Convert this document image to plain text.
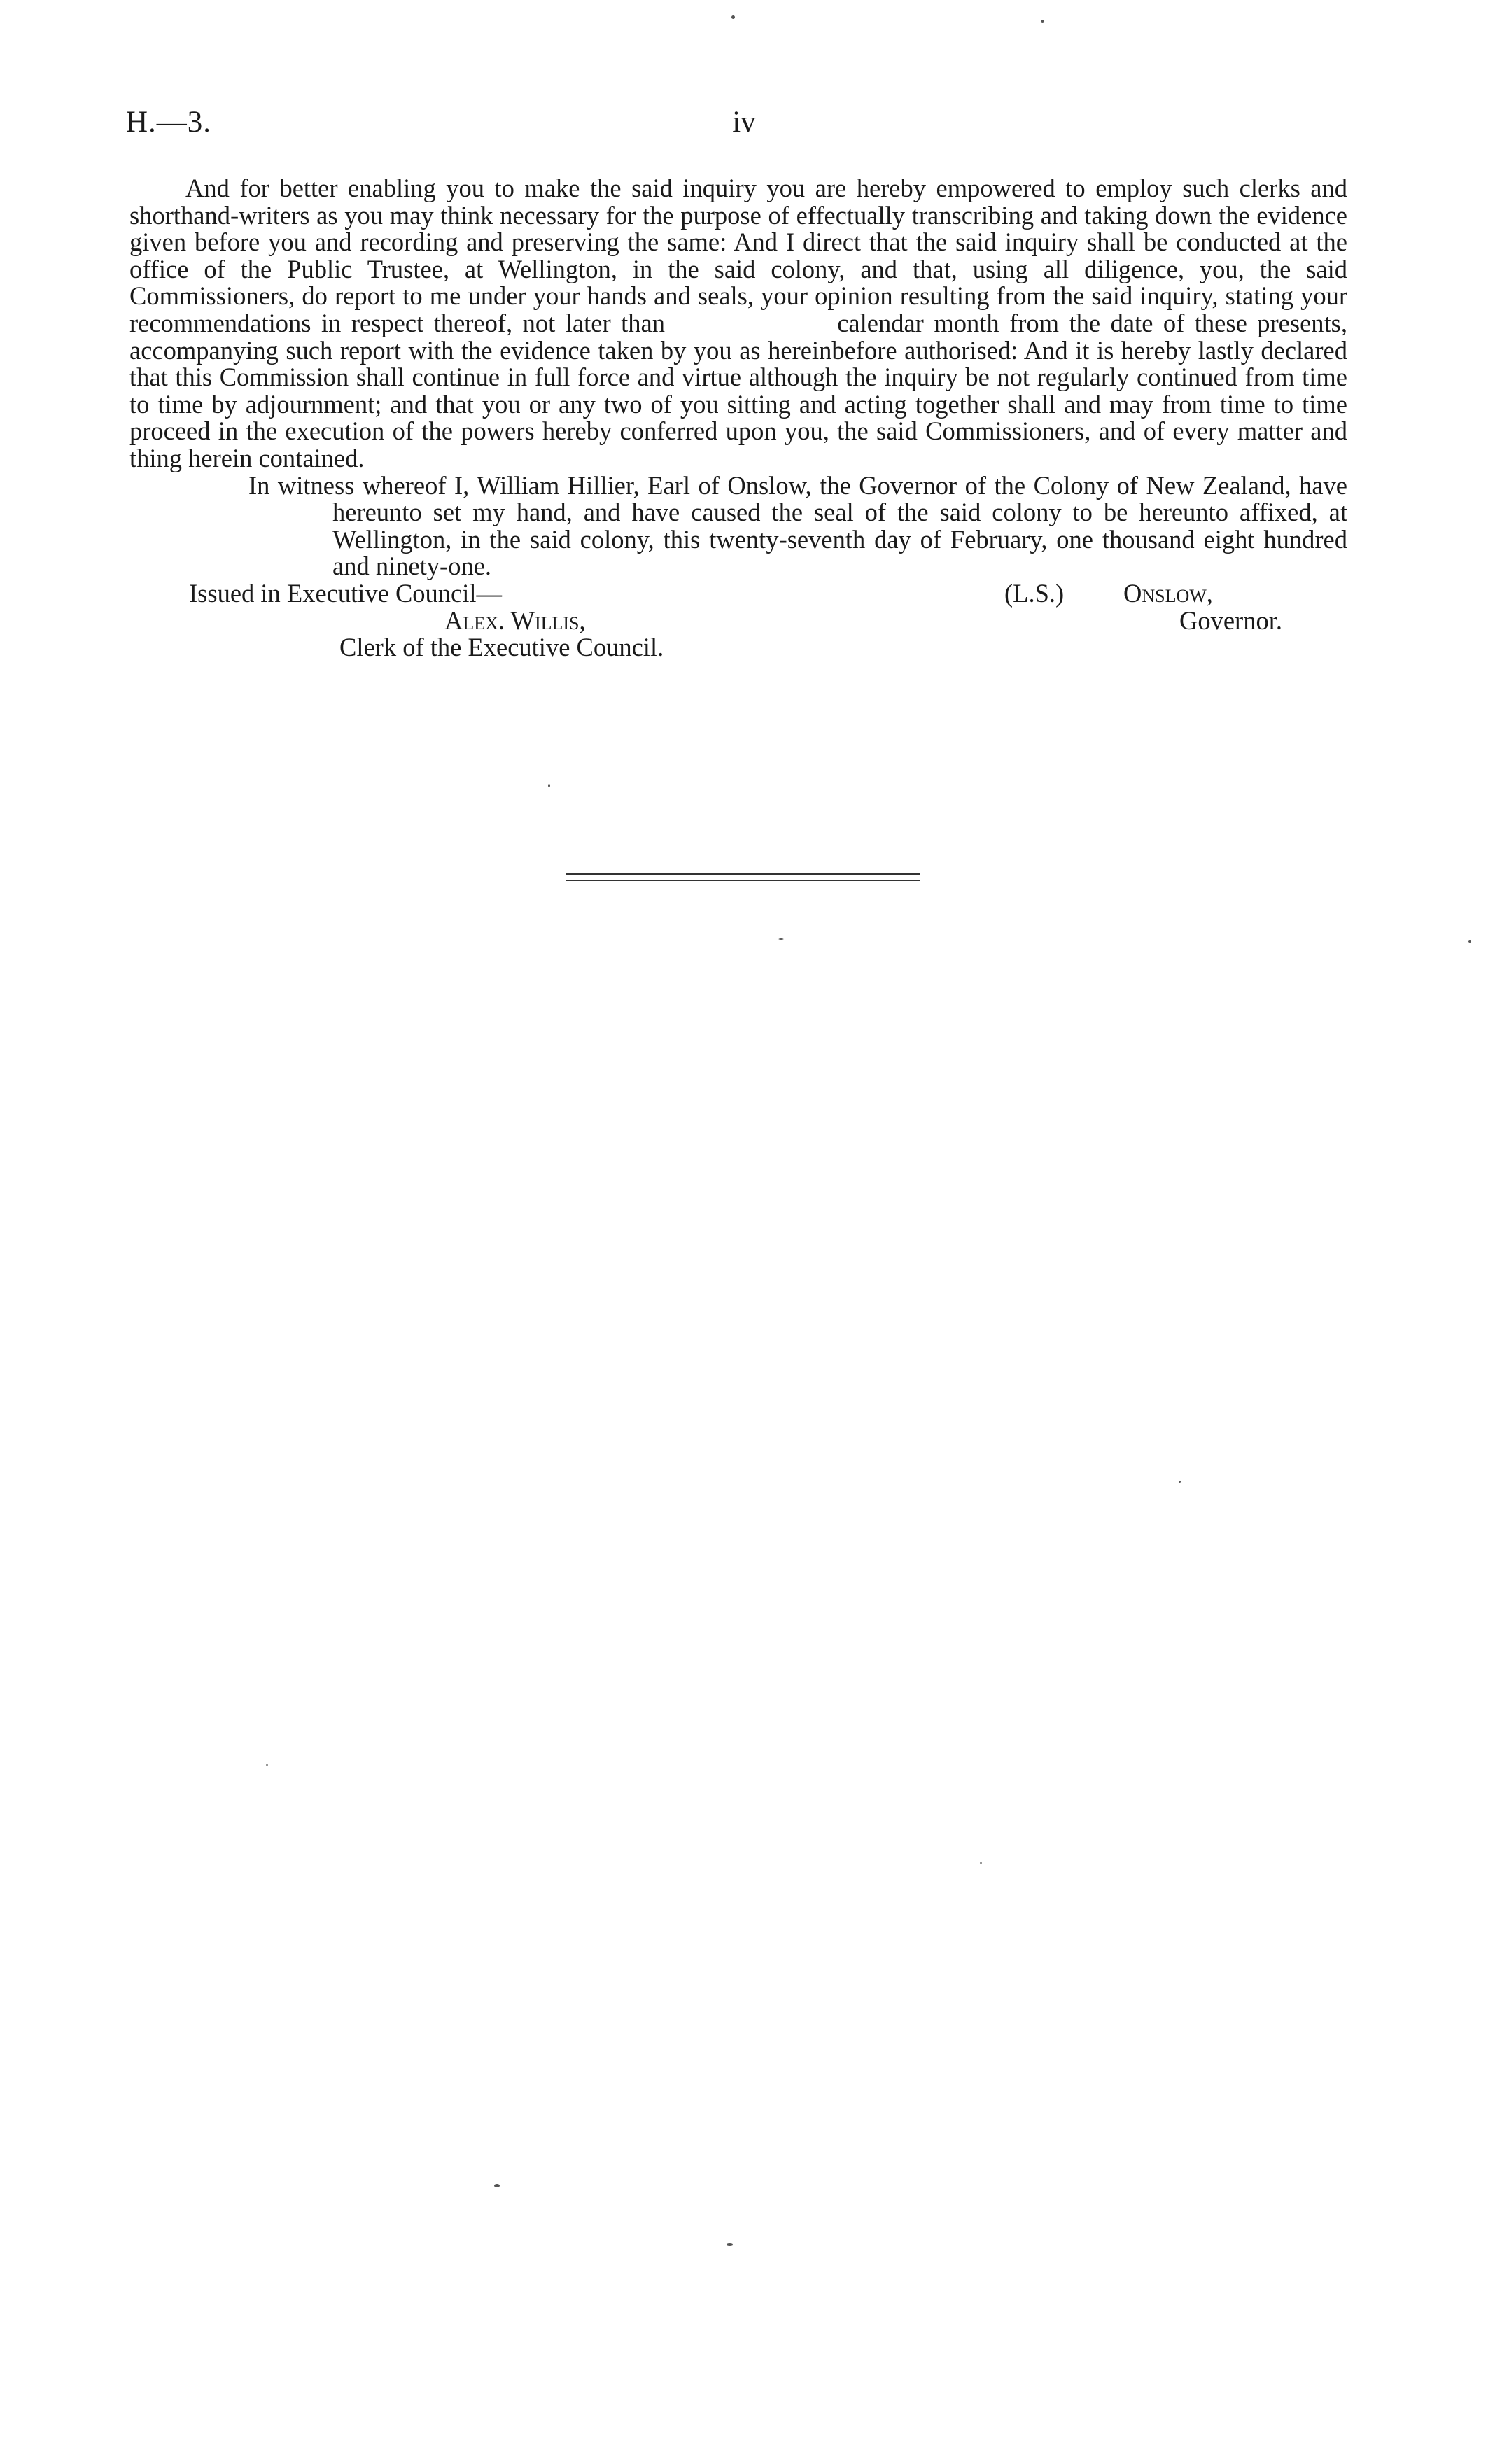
H.—3.	iv

And for better enabling you to make the said inquiry you are hereby empowered to employ such clerks and shorthand-writers as you may think necessary for the purpose of effectually transcribing and taking down the evidence given before you and recording and preserving the same: And I direct that the said inquiry shall be conducted at the office of the Public Trustee, at Wellington, in the said colony, and that, using all diligence, you, the said Commissioners, do report to me under your hands and seals, your opinion resulting from the said inquiry, stating your recommendations in respect thereof, not later than                 calendar month from the date of these presents, accompanying such report with the evidence taken by you as hereinbefore authorised: And it is hereby lastly declared that this Commission shall continue in full force and virtue although the inquiry be not regularly continued from time to time by adjournment; and that you or any two of you sitting and acting together shall and may from time to time proceed in the execution of the powers hereby conferred upon you, the said Commissioners, and of every matter and thing herein contained.

In witness whereof I, William Hillier, Earl of Onslow, the Governor of the Colony of New Zealand, have hereunto set my hand, and have caused the seal of the said colony to be hereunto affixed, at Wellington, in the said colony, this twenty-seventh day of February, one thousand eight hundred and ninety-one.

Issued in Executive Council—	(L.S.) Onslow,
Alex. Willis,	Governor.
Clerk of the Executive Council.
